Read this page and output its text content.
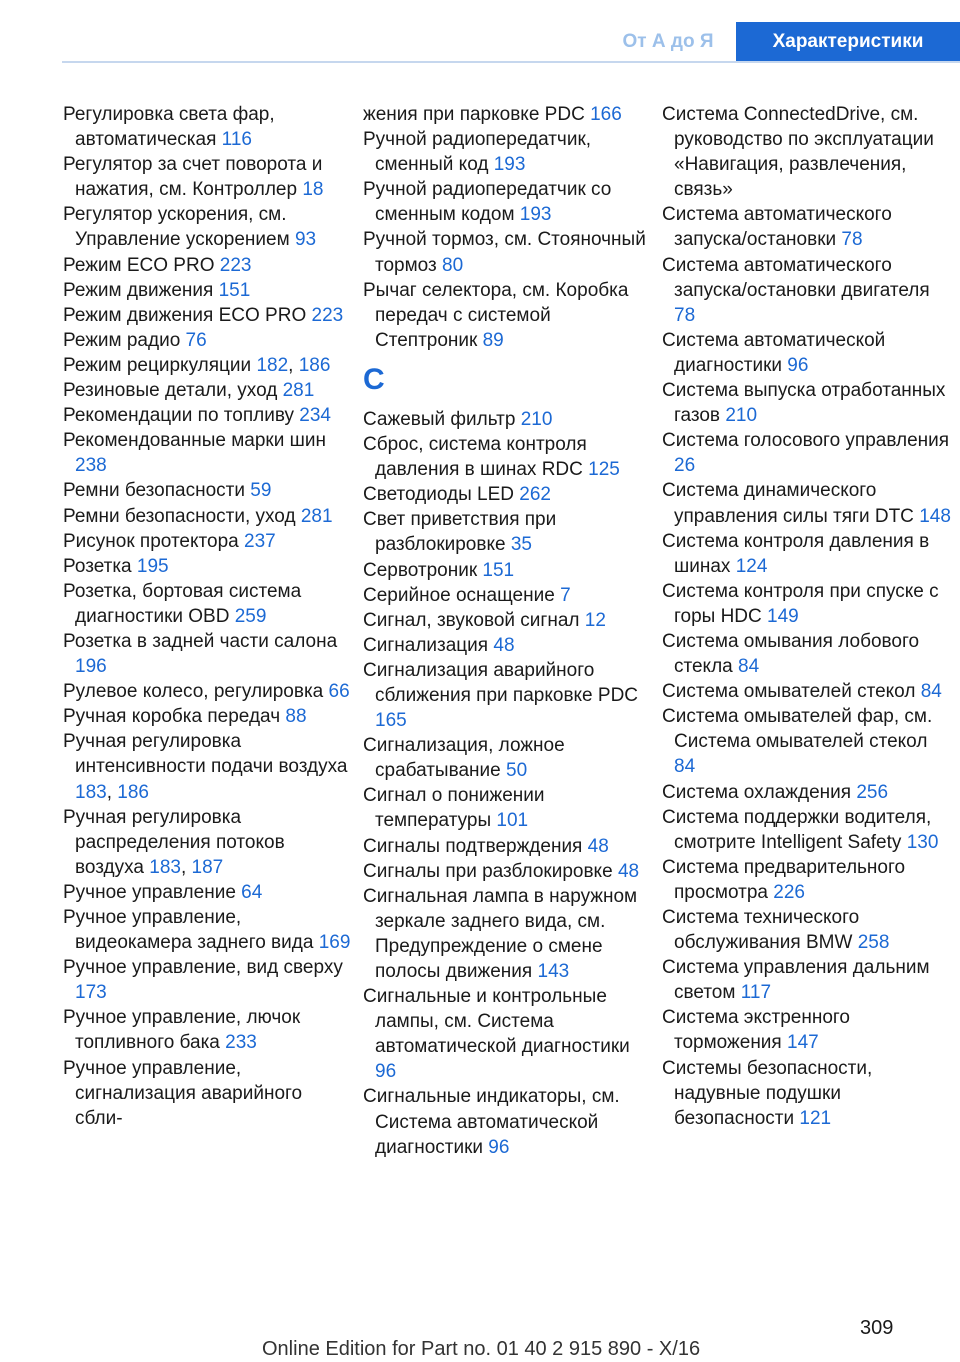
От А до Я	Характеристики

Регулировка света фар, автоматическая 116

Регулятор за счет поворота и нажатия, см. Контроллер 18

Регулятор ускорения, см. Управление ускорением 93

Режим ECO PRO 223

Режим движения 151

Режим движения ECO PRO 223

Режим радио 76

Режим рециркуляции 182, 186

Резиновые детали, уход 281

Рекомендации по топливу 234

Рекомендованные марки шин 238

Ремни безопасности 59

Ремни безопасности, уход 281

Рисунок протектора 237

Розетка 195

Розетка, бортовая система диагностики OBD 259

Розетка в задней части салона 196

Рулевое колесо, регулировка 66

Ручная коробка передач 88

Ручная регулировка интенсивности подачи воздуха 183, 186

Ручная регулировка распределения потоков воздуха 183, 187

Ручное управление 64

Ручное управление, видеокамера заднего вида 169

Ручное управление, вид сверху 173

Ручное управление, лючок топливного бака 233

Ручное управление, сигнализация аварийного сбли-

жения при парковке PDC 166

Ручной радиопередатчик, сменный код 193

Ручной радиопередатчик со сменным кодом 193

Ручной тормоз, см. Стояночный тормоз 80

Рычаг селектора, см. Коробка передач с системой Стептроник 89

С

Сажевый фильтр 210

Сброс, система контроля давления в шинах RDC 125

Светодиоды LED 262

Свет приветствия при разблокировке 35

Сервотроник 151

Серийное оснащение 7

Сигнал, звуковой сигнал 12

Сигнализация 48

Сигнализация аварийного сближения при парковке PDC 165

Сигнализация, ложное срабатывание 50

Сигнал о понижении температуры 101

Сигналы подтверждения 48

Сигналы при разблокировке 48

Сигнальная лампа в наружном зеркале заднего вида, см. Предупреждение о смене полосы движения 143

Сигнальные и контрольные лампы, см. Система автоматической диагностики 96

Сигнальные индикаторы, см. Система автоматической диагностики 96

Система ConnectedDrive, см. руководство по эксплуатации «Навигация, развлечения, связь»

Система автоматического запуска/остановки 78

Система автоматического запуска/остановки двигателя 78

Система автоматической диагностики 96

Система выпуска отработанных газов 210

Система голосового управления 26

Система динамического управления силы тяги DTC 148

Система контроля давления в шинах 124

Система контроля при спуске с горы HDC 149

Система омывания лобового стекла 84

Система омывателей стекол 84

Система омывателей фар, см. Система омывателей стекол 84

Система охлаждения 256

Система поддержки водителя, смотрите Intelligent Safety 130

Система предварительного просмотра 226

Система технического обслуживания BMW 258

Система управления дальним светом 117

Система экстренного торможения 147

Системы безопасности, надувные подушки безопасности 121

309
Online Edition for Part no. 01 40 2 915 890 - X/16
